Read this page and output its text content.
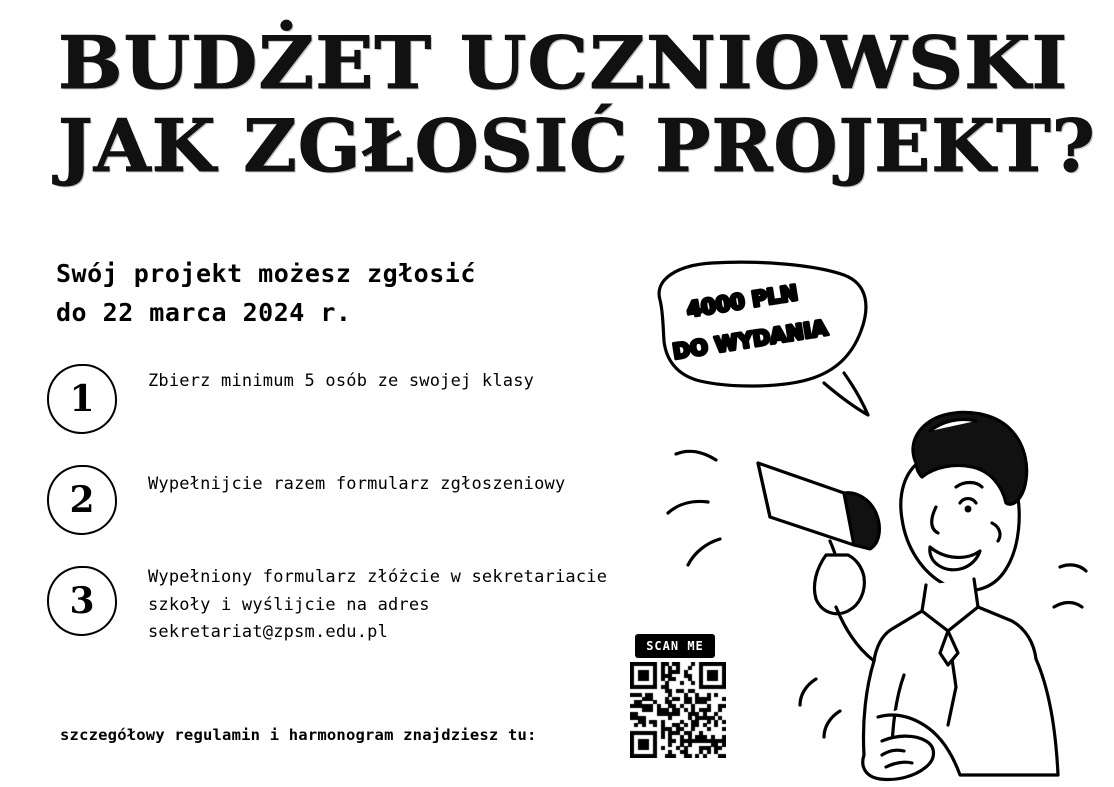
BUDŻET UCZNIOWSKI
JAK ZGŁOSIĆ PROJEKT?
Swój projekt możesz zgłosić
do 22 marca 2024 r.
1	Zbierz minimum 5 osób ze swojej klasy
2	Wypełnijcie razem formularz zgłoszeniowy
3
Wypełniony formularz złóżcie w sekretariacie szkoły i wyślijcie na adres sekretariat@zpsm.edu.pl
szczegółowy regulamin i harmonogram znajdziesz tu:
SCAN ME
4000 PLN
DO WYDANIA
